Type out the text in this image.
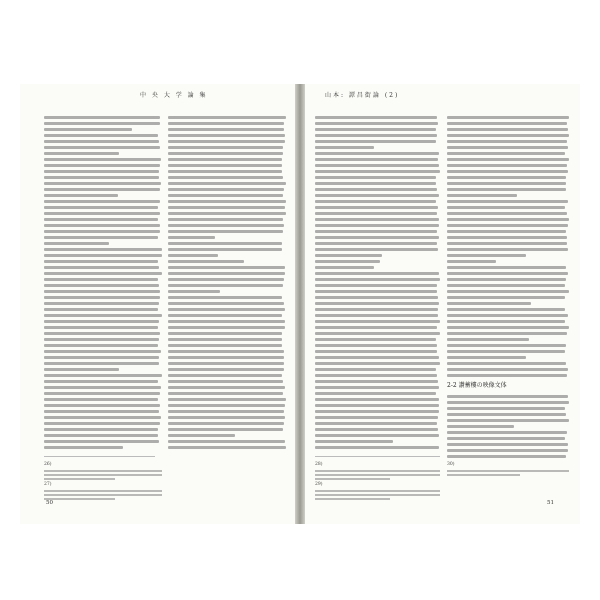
中 央 大 学 論 集
26)
27)
50
山本: 譚昌街論 (2)
2-2 讚蓄樓の映像文体
28)
29)
30)
51
